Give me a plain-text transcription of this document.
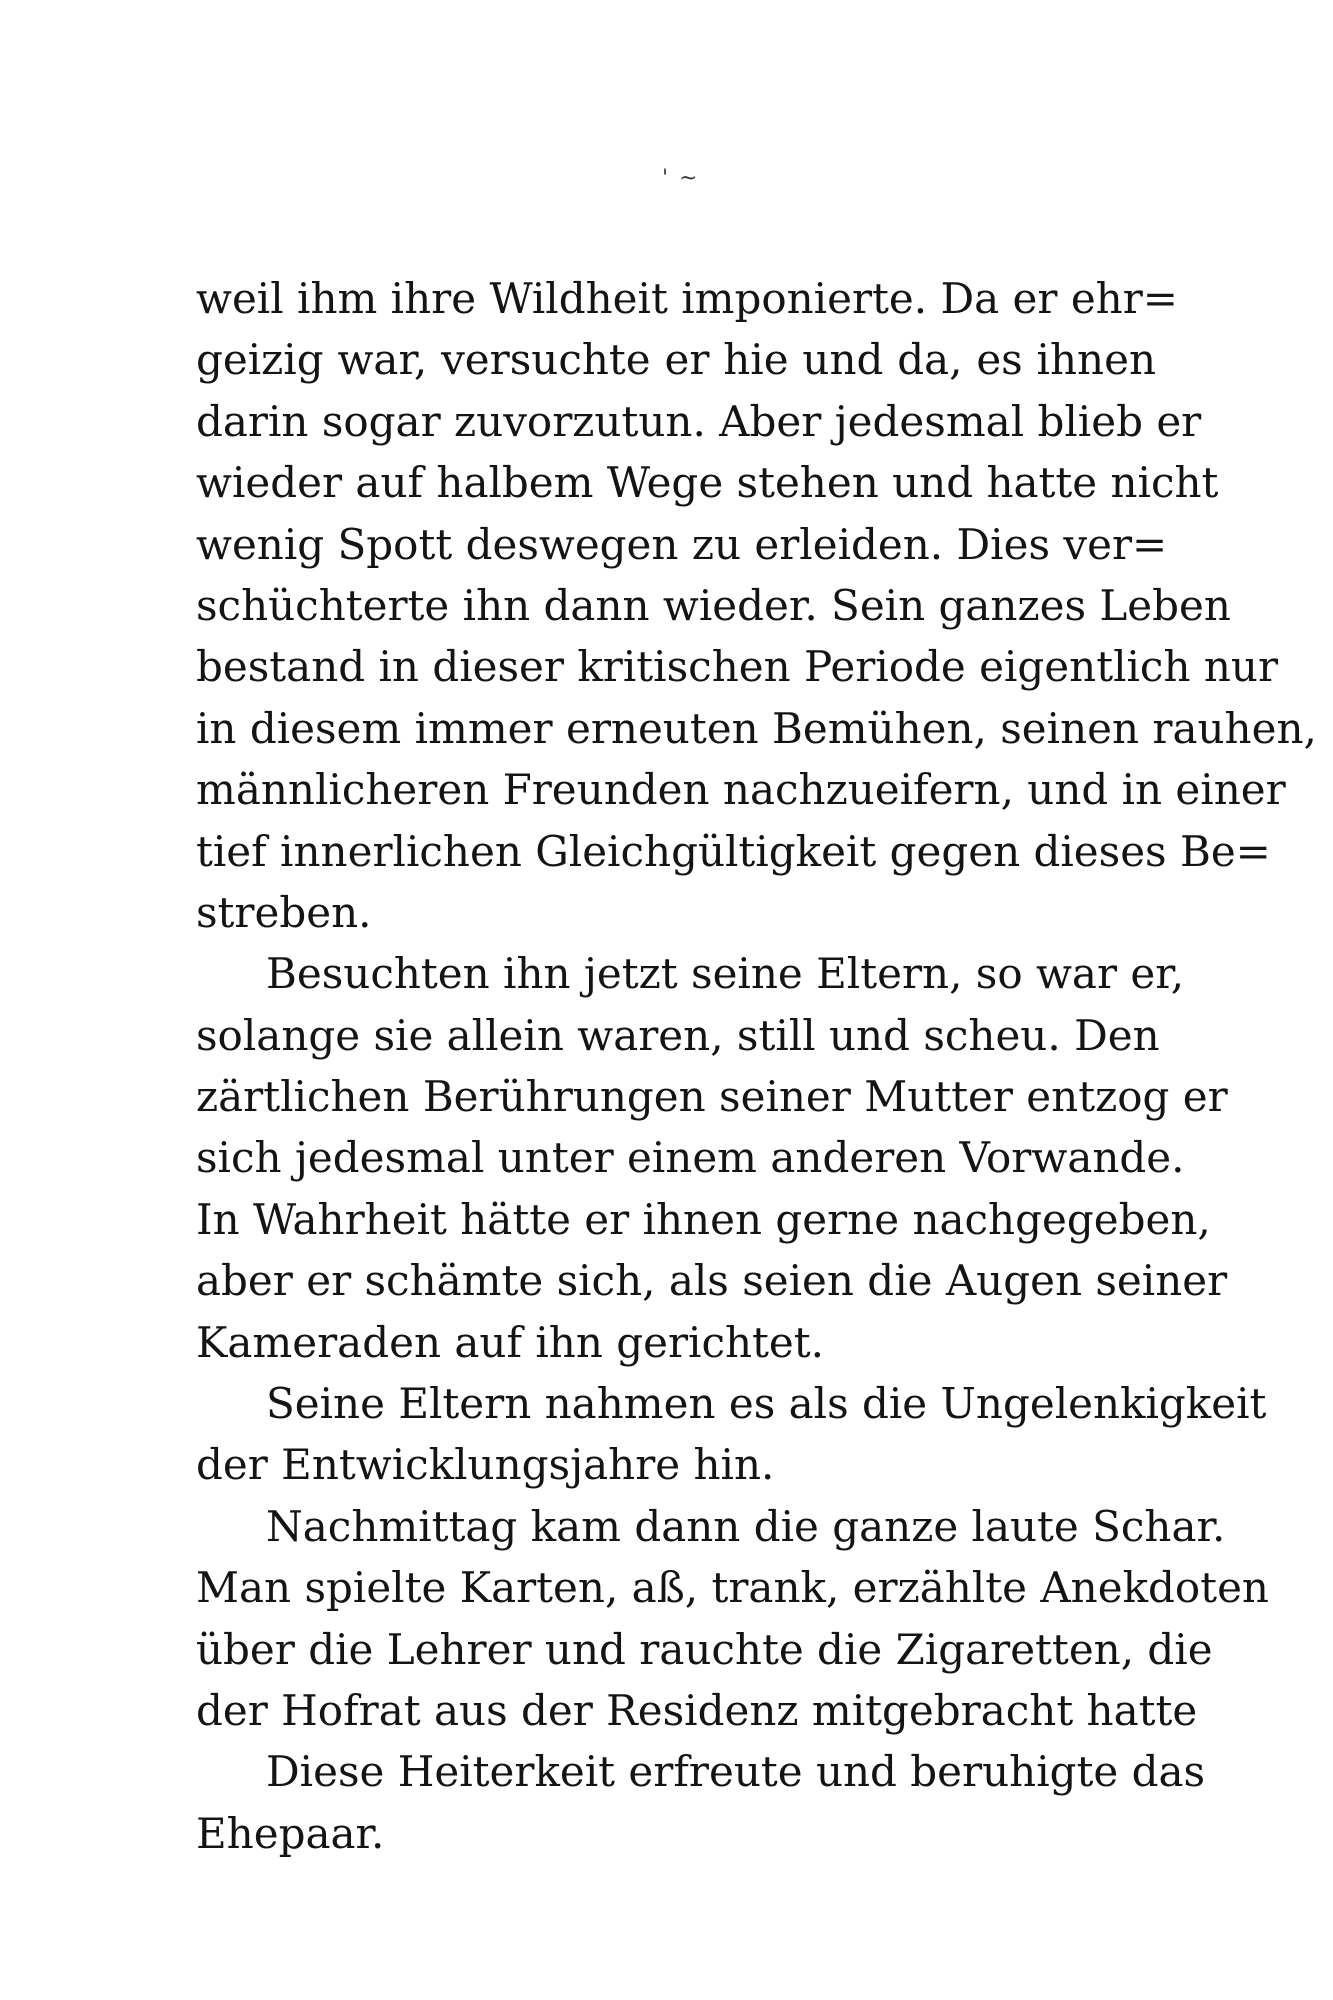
' ~
weil ihm ihre Wildheit imponierte. Da er ehr=
geizig war, versuchte er hie und da, es ihnen
darin sogar zuvorzutun. Aber jedesmal blieb er
wieder auf halbem Wege stehen und hatte nicht
wenig Spott deswegen zu erleiden. Dies ver=
schüchterte ihn dann wieder. Sein ganzes Leben
bestand in dieser kritischen Periode eigentlich nur
in diesem immer erneuten Bemühen, seinen rauhen,
männlicheren Freunden nachzueifern, und in einer
tief innerlichen Gleichgültigkeit gegen dieses Be=
streben.
Besuchten ihn jetzt seine Eltern, so war er,
solange sie allein waren, still und scheu. Den
zärtlichen Berührungen seiner Mutter entzog er
sich jedesmal unter einem anderen Vorwande.
In Wahrheit hätte er ihnen gerne nachgegeben,
aber er schämte sich, als seien die Augen seiner
Kameraden auf ihn gerichtet.
Seine Eltern nahmen es als die Ungelenkigkeit
der Entwicklungsjahre hin.
Nachmittag kam dann die ganze laute Schar.
Man spielte Karten, aß, trank, erzählte Anekdoten
über die Lehrer und rauchte die Zigaretten, die
der Hofrat aus der Residenz mitgebracht hatte
Diese Heiterkeit erfreute und beruhigte das
Ehepaar.
